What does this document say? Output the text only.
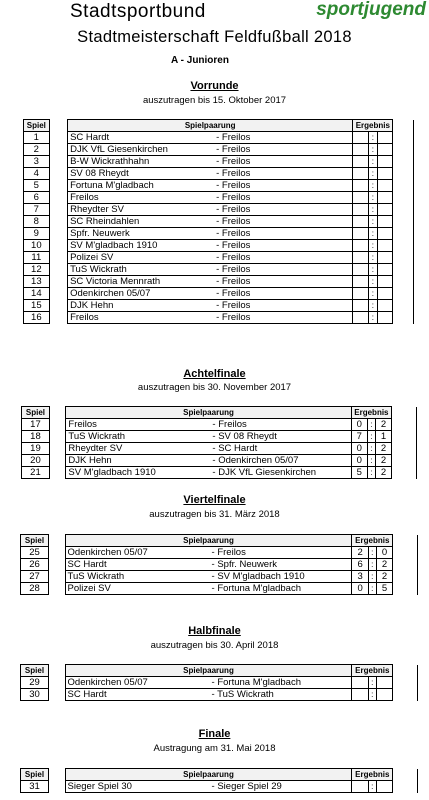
Stadtsportbund	sportjugend
Stadtmeisterschaft Feldfußball 2018
A - Junioren
Vorrunde
auszutragen bis 15. Oktober 2017
Spiel		Spielpaarung	Ergebnis			
1		SC Hardt - Freilos		:		
2		DJK VfL Giesenkirchen - Freilos		:		
3		B-W Wickrathhahn - Freilos		:		
4		SV 08 Rheydt - Freilos		:		
5		Fortuna M'gladbach - Freilos		:		
6		Freilos - Freilos		:		
7		Rheydter SV - Freilos		:		
8		SC Rheindahlen - Freilos		:		
9		Spfr. Neuwerk - Freilos		:		
10		SV M'gladbach 1910 - Freilos		:		
11		Polizei SV - Freilos		:		
12		TuS Wickrath - Freilos		:		
13		SC Victoria Mennrath - Freilos		:		
14		Odenkirchen 05/07 - Freilos		:		
15		DJK Hehn - Freilos		:		
16		Freilos - Freilos		:		
Achtelfinale
auszutragen bis 30. November 2017
Spiel		Spielpaarung	Ergebnis			
17		Freilos - Freilos	0	:	2	
18		TuS Wickrath - SV 08 Rheydt	7	:	1	
19		Rheydter SV - SC Hardt	0	:	2	
20		DJK Hehn - Odenkirchen 05/07	0	:	2	
21		SV M'gladbach 1910 - DJK VfL Giesenkirchen	5	:	2	
Viertelfinale
auszutragen bis 31. März 2018
Spiel		Spielpaarung	Ergebnis			
25		Odenkirchen 05/07 - Freilos	2	:	0	
26		SC Hardt - Spfr. Neuwerk	6	:	2	
27		TuS Wickrath - SV M'gladbach 1910	3	:	2	
28		Polizei SV - Fortuna M'gladbach	0	:	5	
Halbfinale
auszutragen bis 30. April 2018
Spiel		Spielpaarung	Ergebnis			
29		Odenkirchen 05/07 - Fortuna M'gladbach		:		
30		SC Hardt - TuS Wickrath		:		
Finale
Austragung am 31. Mai 2018
Spiel		Spielpaarung	Ergebnis			
31		Sieger Spiel 30 - Sieger Spiel 29		:		
